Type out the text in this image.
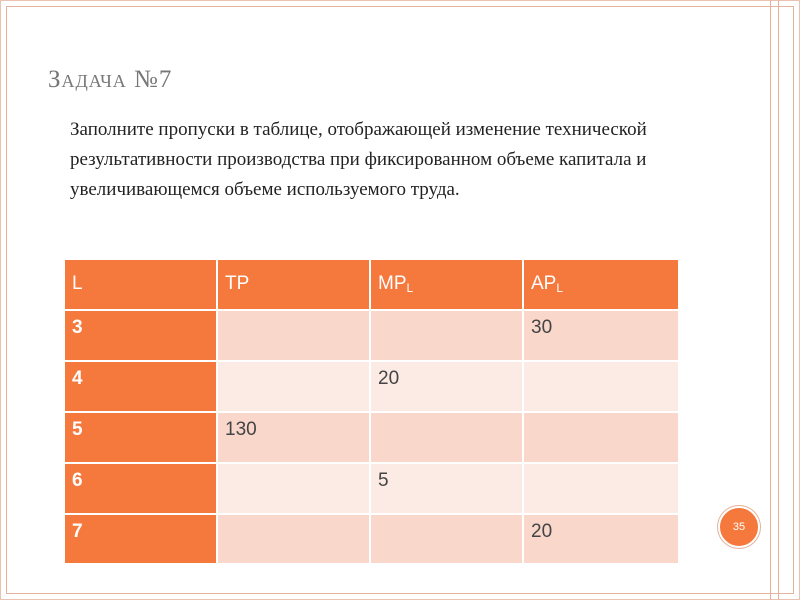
Задача №7
Заполните пропуски в таблице, отображающей изменение технической результативности производства при фиксированном объеме капитала и увеличивающемся объеме используемого труда.
L	TP	$MP_L$	$AP_L$
3			30
4		20	
5	130		
6		5	
7			20	35
